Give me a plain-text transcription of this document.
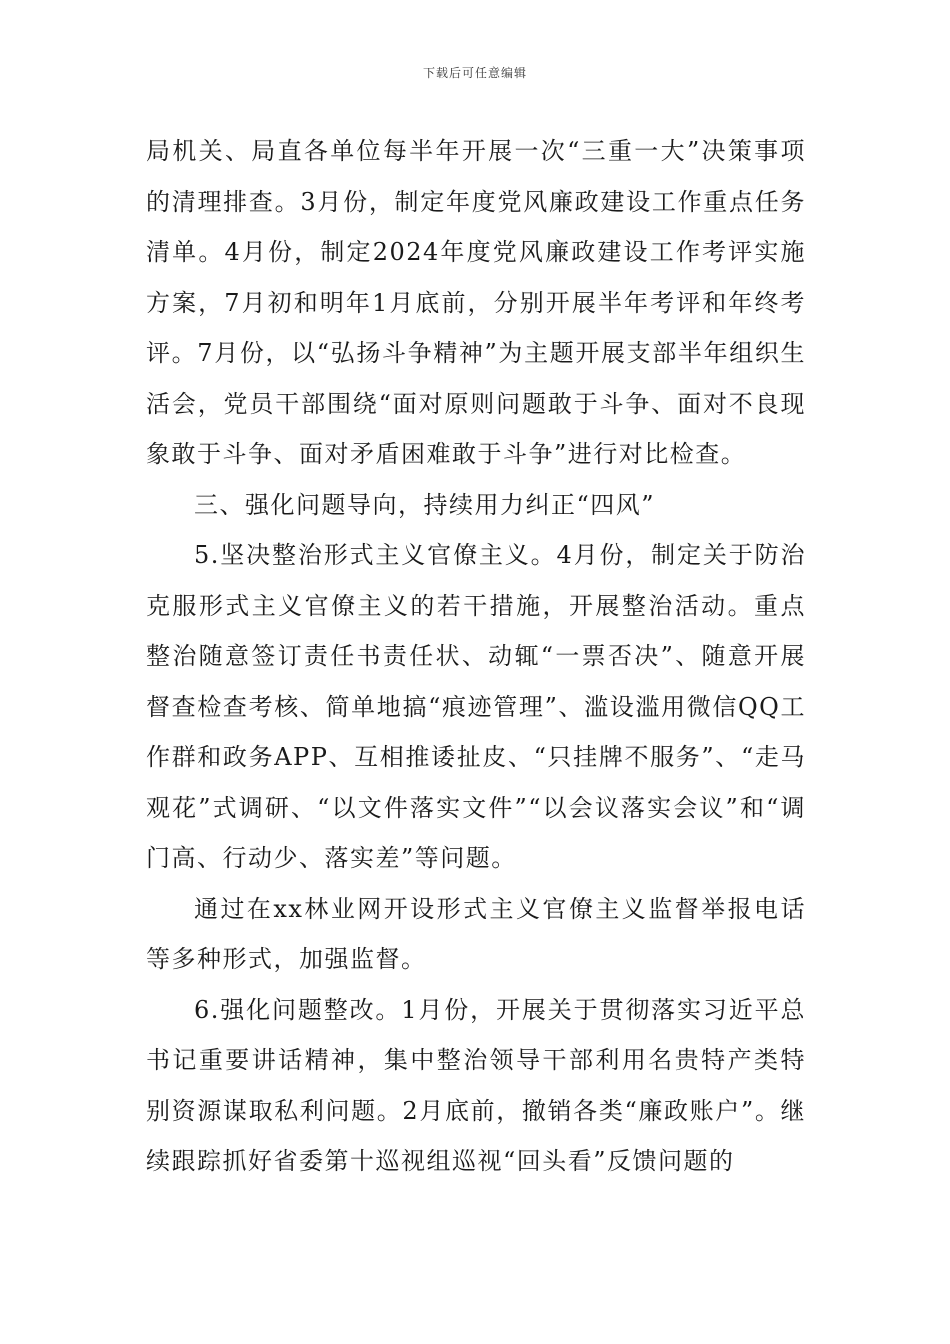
下载后可任意编辑

局机关、局直各单位每半年开展一次“三重一大”决策事项的清理排查。3月份，制定年度党风廉政建设工作重点任务清单。4月份，制定2024年度党风廉政建设工作考评实施方案，7月初和明年1月底前，分别开展半年考评和年终考评。7月份，以“弘扬斗争精神”为主题开展支部半年组织生活会，党员干部围绕“面对原则问题敢于斗争、面对不良现象敢于斗争、面对矛盾困难敢于斗争”进行对比检查。

三、强化问题导向，持续用力纠正“四风”

5.坚决整治形式主义官僚主义。4月份，制定关于防治克服形式主义官僚主义的若干措施，开展整治活动。重点整治随意签订责任书责任状、动辄“一票否决”、随意开展督查检查考核、简单地搞“痕迹管理”、滥设滥用微信QQ工作群和政务APP、互相推诿扯皮、“只挂牌不服务”、“走马观花”式调研、“以文件落实文件”“以会议落实会议”和“调门高、行动少、落实差”等问题。

通过在xx林业网开设形式主义官僚主义监督举报电话等多种形式，加强监督。

6.强化问题整改。1月份，开展关于贯彻落实习近平总书记重要讲话精神，集中整治领导干部利用名贵特产类特别资源谋取私利问题。2月底前，撤销各类“廉政账户”。继续跟踪抓好省委第十巡视组巡视“回头看”反馈问题的
